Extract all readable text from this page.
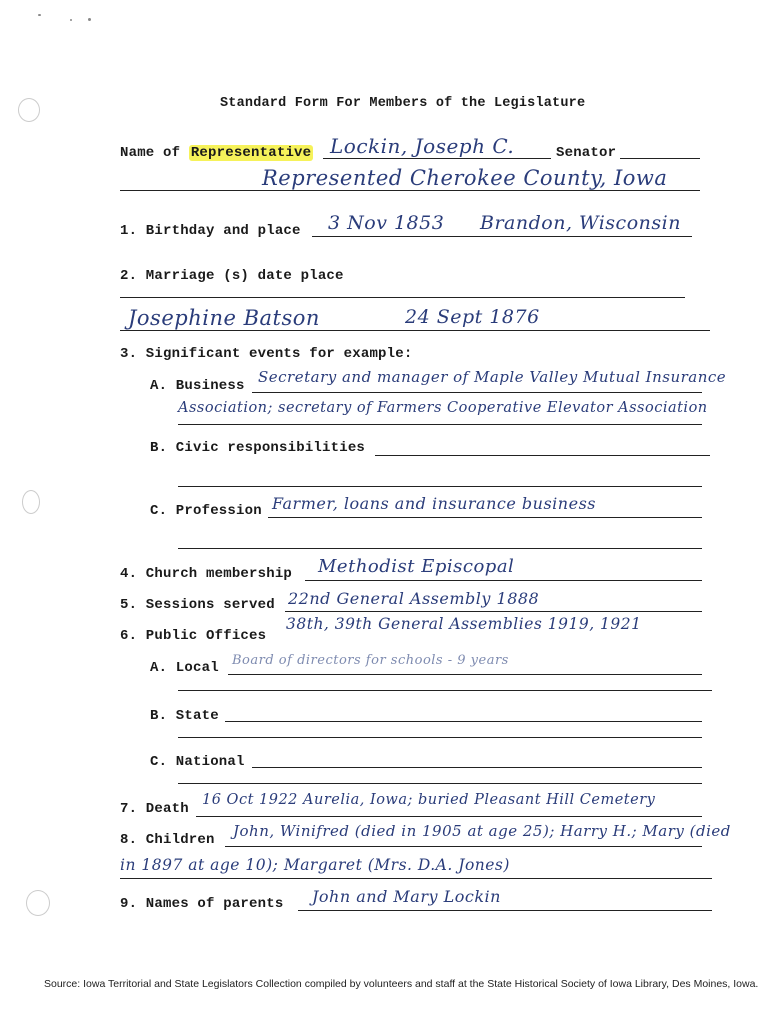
Standard Form For Members of the Legislature
Name of Representative Lockin, Joseph C.	Senator
Represented Cherokee County, Iowa
1. Birthday and place 3 Nov 1853 Brandon, Wisconsin
2. Marriage (s) date place
Josephine Batson	24 Sept 1876
3. Significant events for example:
A. Business Secretary and manager of Maple Valley Mutual Insurance
Association; secretary of Farmers Cooperative Elevator Association
B. Civic responsibilities
C. Profession Farmer, loans and insurance business
4. Church membership Methodist Episcopal
5. Sessions served 22nd General Assembly 1888
38th, 39th General Assemblies 1919, 1921
6. Public Offices
A. Local Board of directors for schools - 9 years
B. State
C. National
7. Death
16 Oct 1922 Aurelia, Iowa; buried Pleasant Hill Cemetery
8. Children John, Winifred (died in 1905 at age 25); Harry H.; Mary (died
in 1897 at age 10); Margaret (Mrs. D.A. Jones)
9. Names of parents John and Mary Lockin
Source: Iowa Territorial and State Legislators Collection compiled by volunteers and staff at the State Historical Society of Iowa Library, Des Moines, Iowa.
